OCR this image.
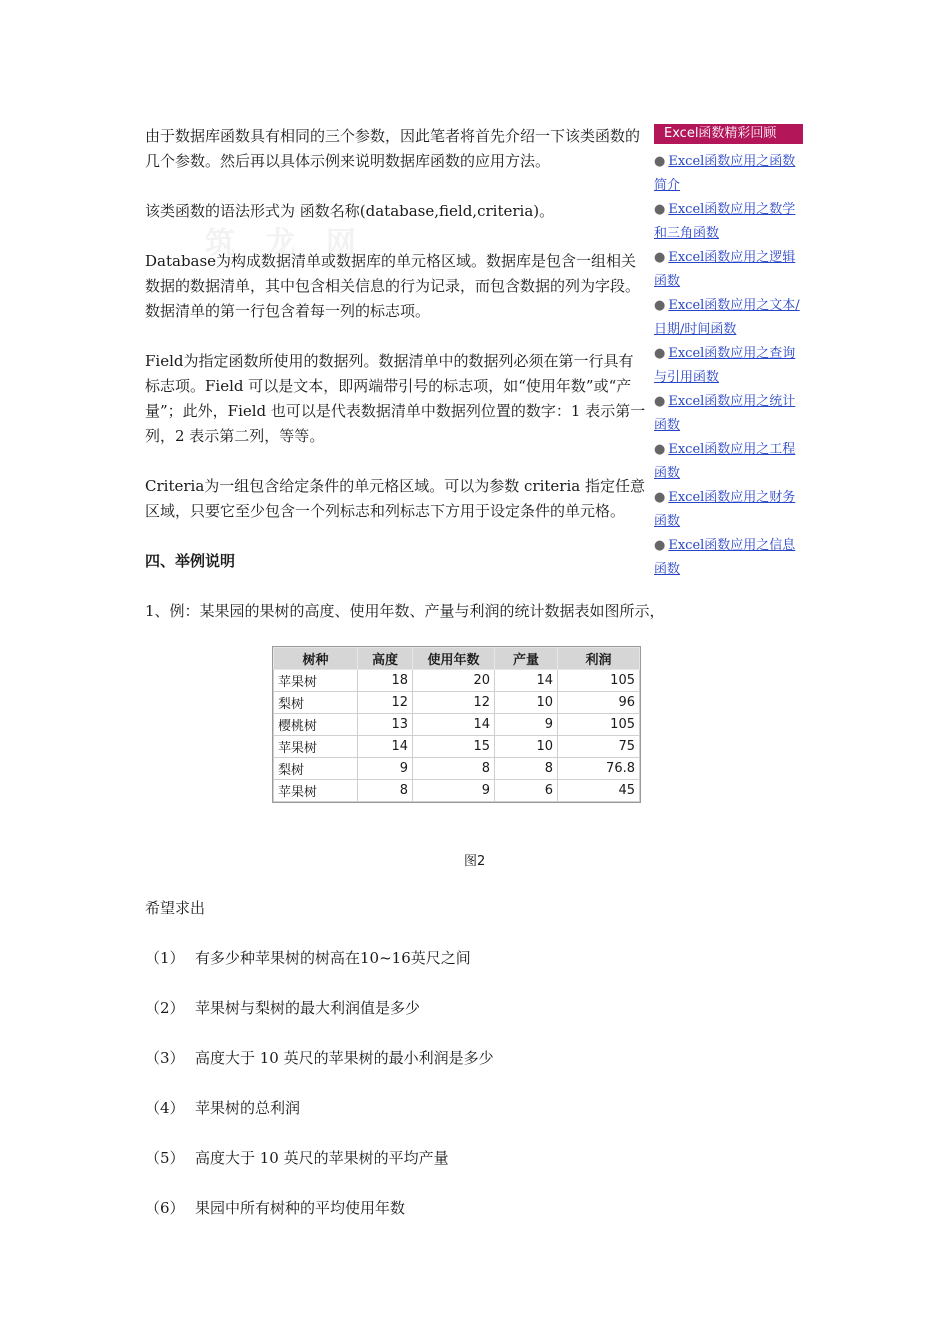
筑 龙 网

由于数据库函数具有相同的三个参数，因此笔者将首先介绍一下该类函数的几个参数。然后再以具体示例来说明数据库函数的应用方法。

该类函数的语法形式为 函数名称(database,field,criteria)。

Database为构成数据清单或数据库的单元格区域。数据库是包含一组相关数据的数据清单，其中包含相关信息的行为记录，而包含数据的列为字段。数据清单的第一行包含着每一列的标志项。

Field为指定函数所使用的数据列。数据清单中的数据列必须在第一行具有标志项。Field 可以是文本，即两端带引号的标志项，如“使用年数”或“产量”；此外，Field 也可以是代表数据清单中数据列位置的数字：1 表示第一列，2 表示第二列，等等。

Criteria为一组包含给定条件的单元格区域。可以为参数 criteria 指定任意区域，只要它至少包含一个列标志和列标志下方用于设定条件的单元格。

四、举例说明

1、例：某果园的果树的高度、使用年数、产量与利润的统计数据表如图所示，

Excel函数精彩回顾
● Excel函数应用之函数简介
● Excel函数应用之数学和三角函数
● Excel函数应用之逻辑函数
● Excel函数应用之文本/日期/时间函数
● Excel函数应用之查询与引用函数
● Excel函数应用之统计函数
● Excel函数应用之工程函数
● Excel函数应用之财务函数
● Excel函数应用之信息函数
树种	高度	使用年数	产量	利润
苹果树	18	20	14	105
梨树	12	12	10	96
樱桃树	13	14	9	105
苹果树	14	15	10	75
梨树	9	8	8	76.8
苹果树	8	9	6	45
图2

希望求出

（1） 有多少种苹果树的树高在10~16英尺之间

（2） 苹果树与梨树的最大利润值是多少

（3） 高度大于 10 英尺的苹果树的最小利润是多少

（4） 苹果树的总利润

（5） 高度大于 10 英尺的苹果树的平均产量

（6） 果园中所有树种的平均使用年数
